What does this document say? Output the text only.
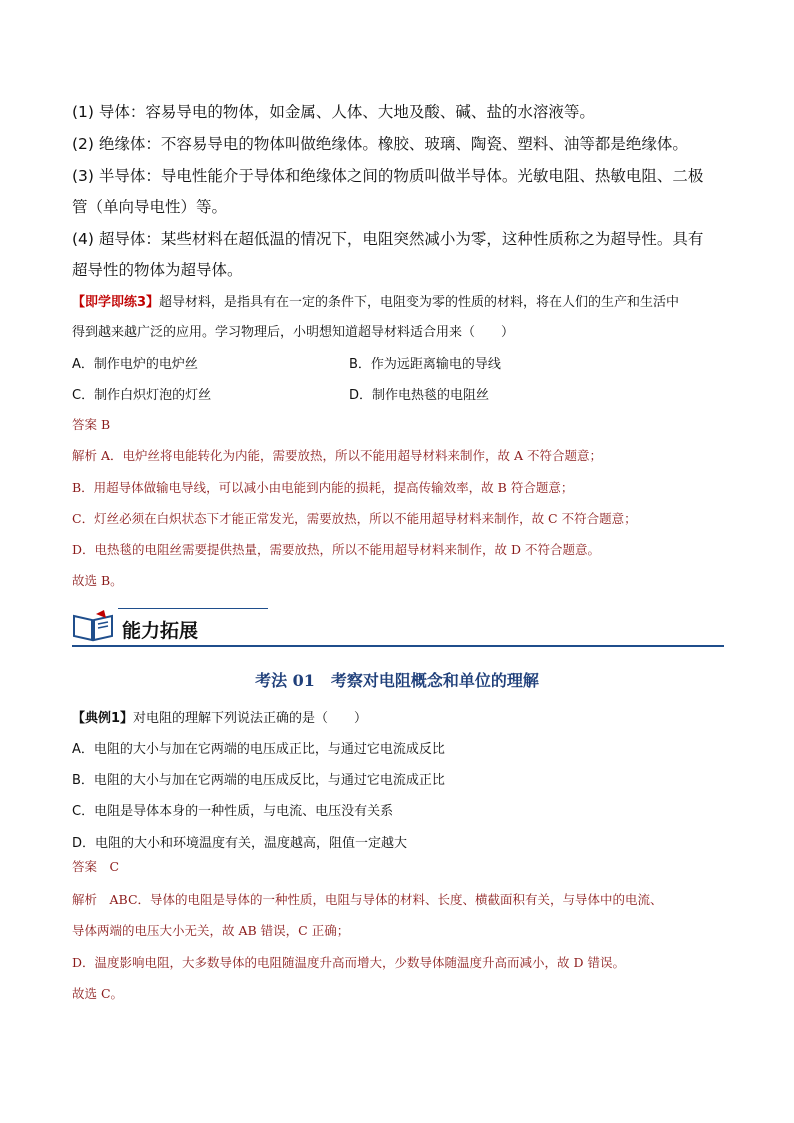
(1) 导体：容易导电的物体，如金属、人体、大地及酸、碱、盐的水溶液等。
(2) 绝缘体：不容易导电的物体叫做绝缘体。橡胶、玻璃、陶瓷、塑料、油等都是绝缘体。
(3) 半导体：导电性能介于导体和绝缘体之间的物质叫做半导体。光敏电阻、热敏电阻、二极
管（单向导电性）等。
(4) 超导体：某些材料在超低温的情况下，电阻突然减小为零，这种性质称之为超导性。具有
超导性的物体为超导体。
【即学即练3】超导材料，是指具有在一定的条件下，电阻变为零的性质的材料，将在人们的生产和生活中
得到越来越广泛的应用。学习物理后，小明想知道超导材料适合用来（　　）
A．制作电炉的电炉丝	B．作为远距离输电的导线
C．制作白炽灯泡的灯丝	D．制作电热毯的电阻丝
答案 B
解析 A．电炉丝将电能转化为内能，需要放热，所以不能用超导材料来制作，故 A 不符合题意；
B．用超导体做输电导线，可以减小由电能到内能的损耗，提高传输效率，故 B 符合题意；
C．灯丝必须在白炽状态下才能正常发光，需要放热，所以不能用超导材料来制作，故 C 不符合题意；
D．电热毯的电阻丝需要提供热量，需要放热，所以不能用超导材料来制作，故 D 不符合题意。
故选 B。
能力拓展
考法 01　考察对电阻概念和单位的理解
【典例1】对电阻的理解下列说法正确的是（　　）
A．电阻的大小与加在它两端的电压成正比，与通过它电流成反比
B．电阻的大小与加在它两端的电压成反比，与通过它电流成正比
C．电阻是导体本身的一种性质，与电流、电压没有关系
D．电阻的大小和环境温度有关，温度越高，阻值一定越大
答案　C
解析　ABC．导体的电阻是导体的一种性质，电阻与导体的材料、长度、横截面积有关，与导体中的电流、
导体两端的电压大小无关，故 AB 错误，C 正确；
D．温度影响电阻，大多数导体的电阻随温度升高而增大，少数导体随温度升高而减小，故 D 错误。
故选 C。
